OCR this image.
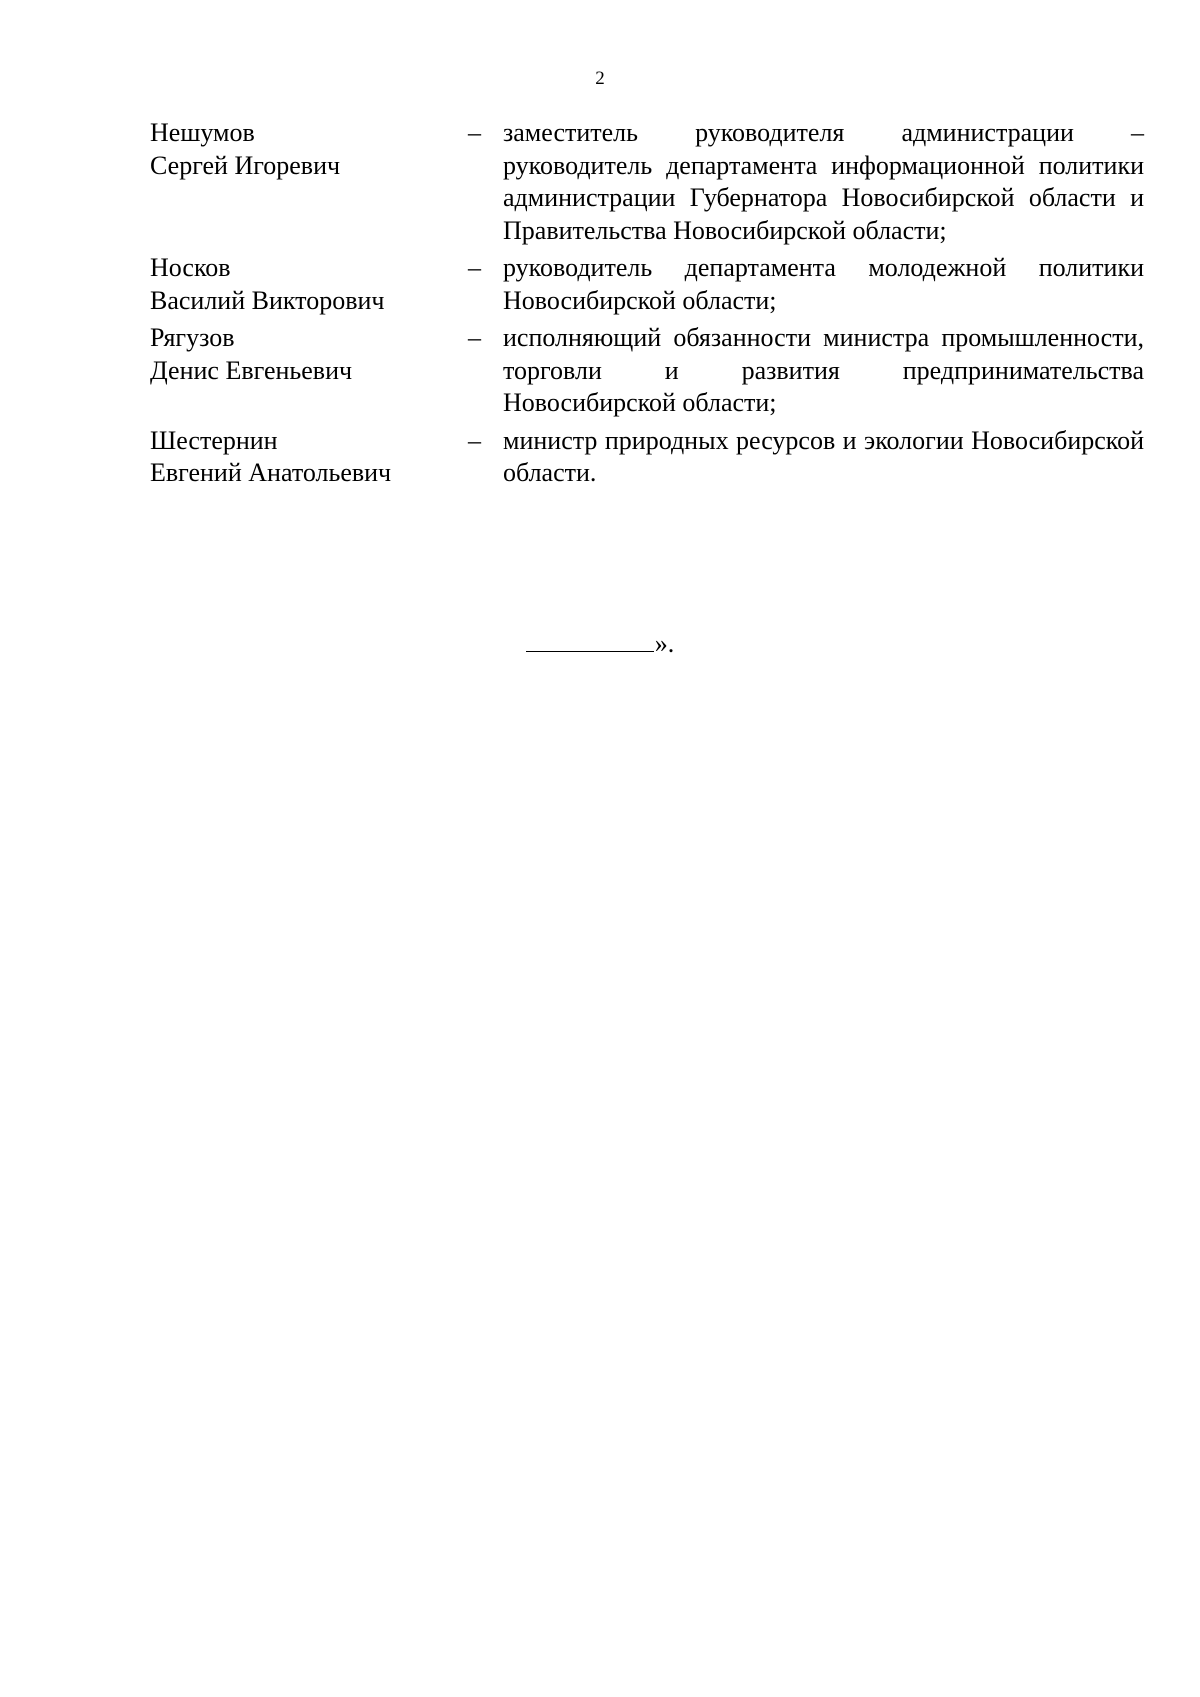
2
Нешумов
Сергей Игоревич
– заместитель руководителя администрации – руководитель департамента информационной политики администрации Губернатора Новосибирской области и Правительства Новосибирской области;
Носков
Василий Викторович
– руководитель департамента молодежной политики Новосибирской области;
Рягузов
Денис Евгеньевич
– исполняющий обязанности министра промышленности, торговли и развития предпринимательства Новосибирской области;
Шестернин
Евгений Анатольевич
– министр природных ресурсов и экологии Новосибирской области.
».
